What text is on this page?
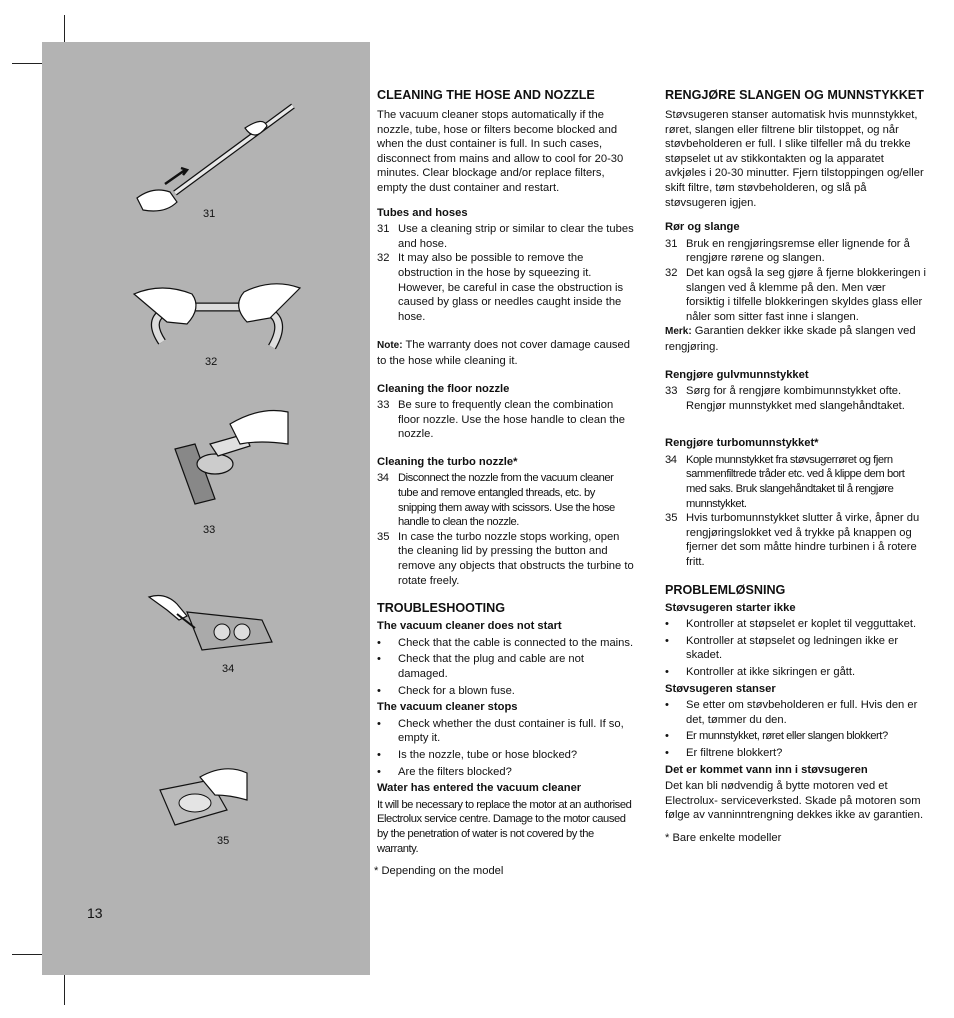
31
32
33
34
35
13
CLEANING THE HOSE AND NOZZLE

The vacuum cleaner stops automatically if the nozzle, tube, hose or filters become blocked and when the dust container is full. In such cases, disconnect from mains and allow to cool for 20-30 minutes. Clear blockage and/or replace filters, empty the dust container and restart.

Tubes and hoses
31 Use a cleaning strip or similar to clear the tubes and hose.
32 It may also be possible to remove the obstruction in the hose by squeezing it. However, be careful in case the obstruction is caused by glass or needles caught inside the hose.

Note: The warranty does not cover damage caused to the hose while cleaning it.

Cleaning the floor nozzle
33 Be sure to frequently clean the combination floor nozzle. Use the hose handle to clean the nozzle.
Cleaning the turbo nozzle*
34 Disconnect the nozzle from the vacuum cleaner tube and remove entangled threads, etc. by snipping them away with scissors. Use the hose handle to clean the nozzle.
35 In case the turbo nozzle stops working, open the cleaning lid by pressing the button and remove any objects that obstructs the turbine to rotate freely.
TROUBLESHOOTING
The vacuum cleaner does not start
•	Check that the cable is connected to the mains.
•	Check that the plug and cable are not damaged.
•	Check for a blown fuse.
The vacuum cleaner stops
•	Check whether the dust container is full. If so, empty it.
•	Is the nozzle, tube or hose blocked?
•	Are the filters blocked?
Water has entered the vacuum cleaner

It will be necessary to replace the motor at an authorised Electrolux service centre. Damage to the motor caused by the penetration of water is not covered by the warranty.

* Depending on the model

RENGJØRE SLANGEN OG MUNNSTYKKET

Støvsugeren stanser automatisk hvis munnstykket, røret, slangen eller filtrene blir tilstoppet, og når støvbeholderen er full. I slike tilfeller må du trekke støpselet ut av stikkontakten og la apparatet avkjøles i 20-30 minutter. Fjern tilstoppingen og/eller skift filtre, tøm støvbeholderen, og slå på støvsugeren igjen.

Rør og slange
31 Bruk en rengjøringsremse eller lignende for å rengjøre rørene og slangen.
32 Det kan også la seg gjøre å fjerne blokkeringen i slangen ved å klemme på den. Men vær forsiktig i tilfelle blokkeringen skyldes glass eller nåler som sitter fast inne i slangen.

Merk: Garantien dekker ikke skade på slangen ved rengjøring.

Rengjøre gulvmunnstykket
33 Sørg for å rengjøre kombimunnstykket ofte. Rengjør munnstykket med slangehåndtaket.
Rengjøre turbomunnstykket*
34 Kople munnstykket fra støvsugerrøret og fjern sammenfiltrede tråder etc. ved å klippe dem bort med saks. Bruk slangehåndtaket til å rengjøre munnstykket.
35 Hvis turbomunnstykket slutter å virke, åpner du rengjøringslokket ved å trykke på knappen og fjerner det som måtte hindre turbinen i å rotere fritt.
PROBLEMLØSNING
Støvsugeren starter ikke
•	Kontroller at støpselet er koplet til vegguttaket.
•	Kontroller at støpselet og ledningen ikke er skadet.
•	Kontroller at ikke sikringen er gått.
Støvsugeren stanser
•	Se etter om støvbeholderen er full. Hvis den er det, tømmer du den.
•	Er munnstykket, røret eller slangen blokkert?
•	Er filtrene blokkert?
Det er kommet vann inn i støvsugeren

Det kan bli nødvendig å bytte motoren ved et Electrolux- serviceverksted. Skade på motoren som følge av vanninntrengning dekkes ikke av garantien.

* Bare enkelte modeller
